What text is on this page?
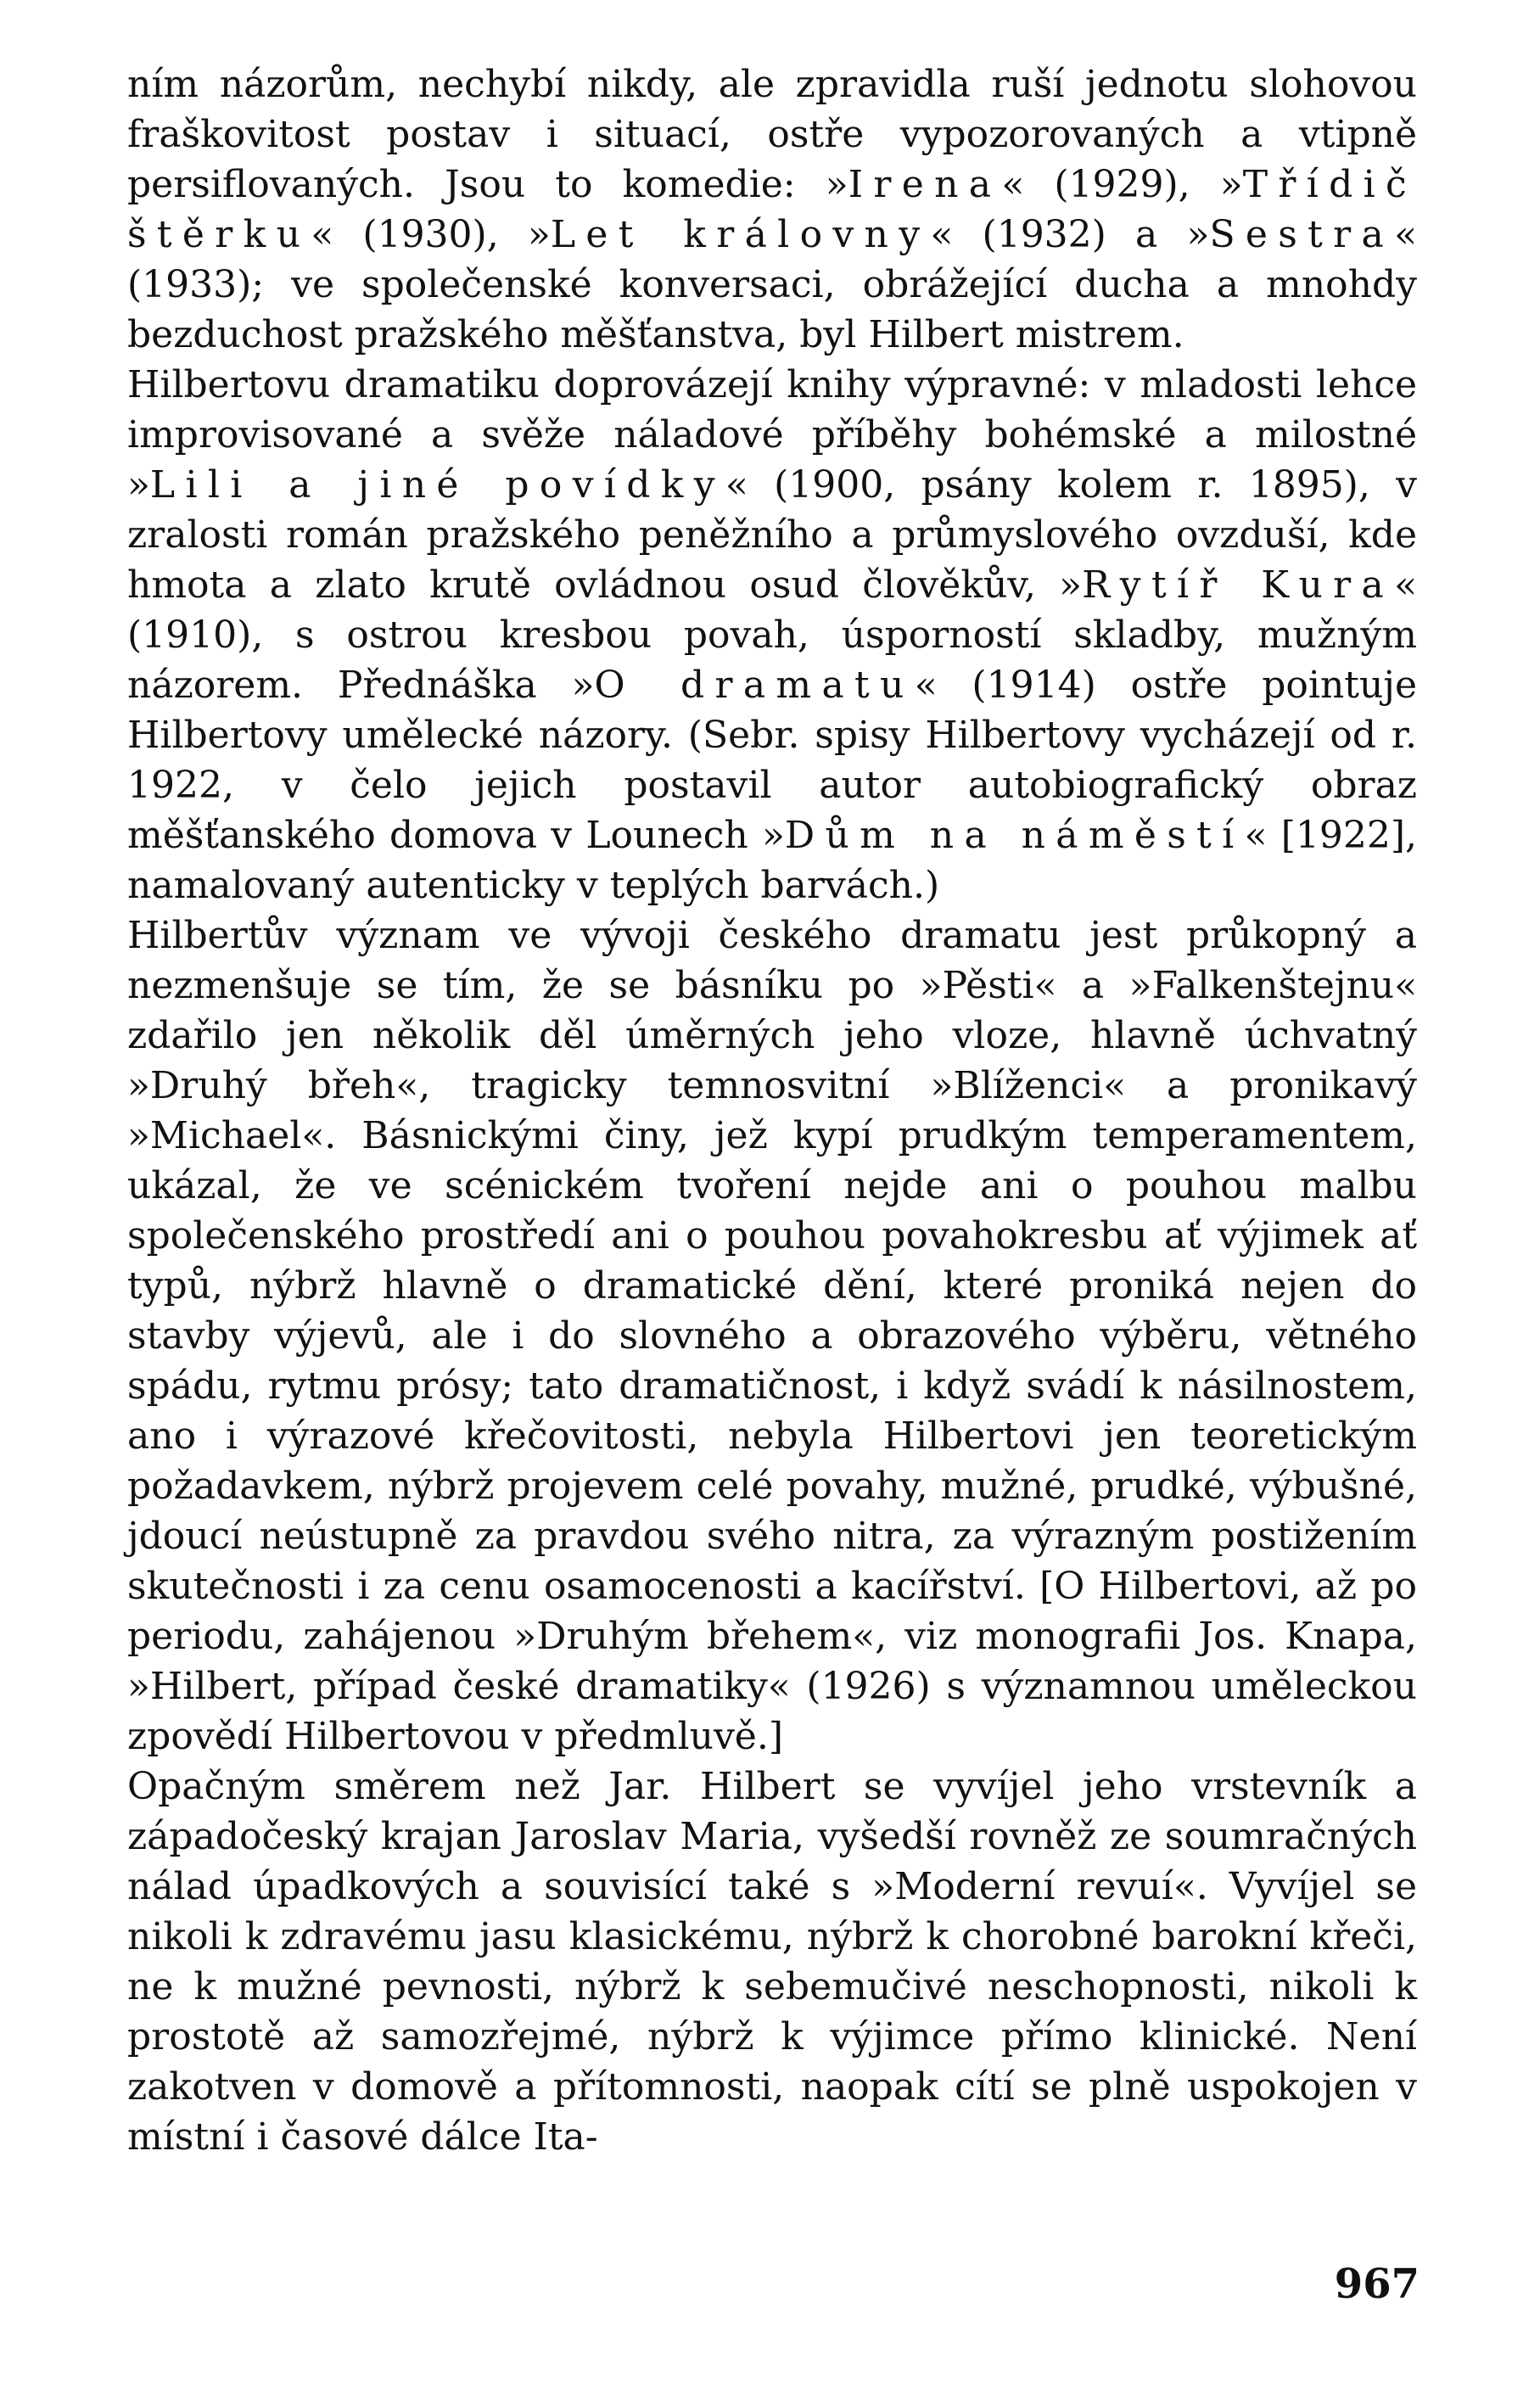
ním názorům, nechybí nikdy, ale zpravidla ruší jednotu slohovou fraškovitost postav i situací, ostře vypozorovaných a vtipně persiflovaných. Jsou to komedie: »Irena« (1929), »Třídič štěrku« (1930), »Let královny« (1932) a »Sestra« (1933); ve společenské konversaci, obrážející ducha a mnohdy bezduchost pražského měšťanstva, byl Hilbert mistrem.

Hilbertovu dramatiku doprovázejí knihy výpravné: v mladosti lehce improvisované a svěže náladové příběhy bohémské a milostné »Lili a jiné povídky« (1900, psány kolem r. 1895), v zralosti román pražského peněžního a průmyslového ovzduší, kde hmota a zlato krutě ovládnou osud člověkův, »Rytíř Kura« (1910), s ostrou kresbou povah, úsporností skladby, mužným názorem. Přednáška »O dramatu« (1914) ostře pointuje Hilbertovy umělecké názory. (Sebr. spisy Hilbertovy vycházejí od r. 1922, v čelo jejich postavil autor autobiografický obraz měšťanského domova v Lounech »Dům na náměstí« [1922], namalovaný autenticky v teplých barvách.)

Hilbertův význam ve vývoji českého dramatu jest průkopný a nezmenšuje se tím, že se básníku po »Pěsti« a »Falkenštejnu« zdařilo jen několik děl úměrných jeho vloze, hlavně úchvatný »Druhý břeh«, tragicky temnosvitní »Blíženci« a pronikavý »Michael«. Básnickými činy, jež kypí prudkým temperamentem, ukázal, že ve scénickém tvoření nejde ani o pouhou malbu společenského prostředí ani o pouhou povahokresbu ať výjimek ať typů, nýbrž hlavně o dramatické dění, které proniká nejen do stavby výjevů, ale i do slovného a obrazového výběru, větného spádu, rytmu prósy; tato dramatičnost, i když svádí k násilnostem, ano i výrazové křečovitosti, nebyla Hilbertovi jen teoretickým požadavkem, nýbrž projevem celé povahy, mužné, prudké, výbušné, jdoucí neústupně za pravdou svého nitra, za výrazným postižením skutečnosti i za cenu osamocenosti a kacířství. [O Hilbertovi, až po periodu, zahájenou »Druhým břehem«, viz monografii Jos. Knapa, »Hilbert, případ české dramatiky« (1926) s významnou uměleckou zpovědí Hilbertovou v předmluvě.]

Opačným směrem než Jar. Hilbert se vyvíjel jeho vrstevník a západočeský krajan Jaroslav Maria, vyšedší rovněž ze soumračných nálad úpadkových a souvisící také s »Moderní revuí«. Vyvíjel se nikoli k zdravému jasu klasickému, nýbrž k chorobné barokní křeči, ne k mužné pevnosti, nýbrž k sebemučivé neschopnosti, nikoli k prostotě až samozřejmé, nýbrž k výjimce přímo klinické. Není zakotven v domově a přítomnosti, naopak cítí se plně uspokojen v místní i časové dálce Ita-

967
